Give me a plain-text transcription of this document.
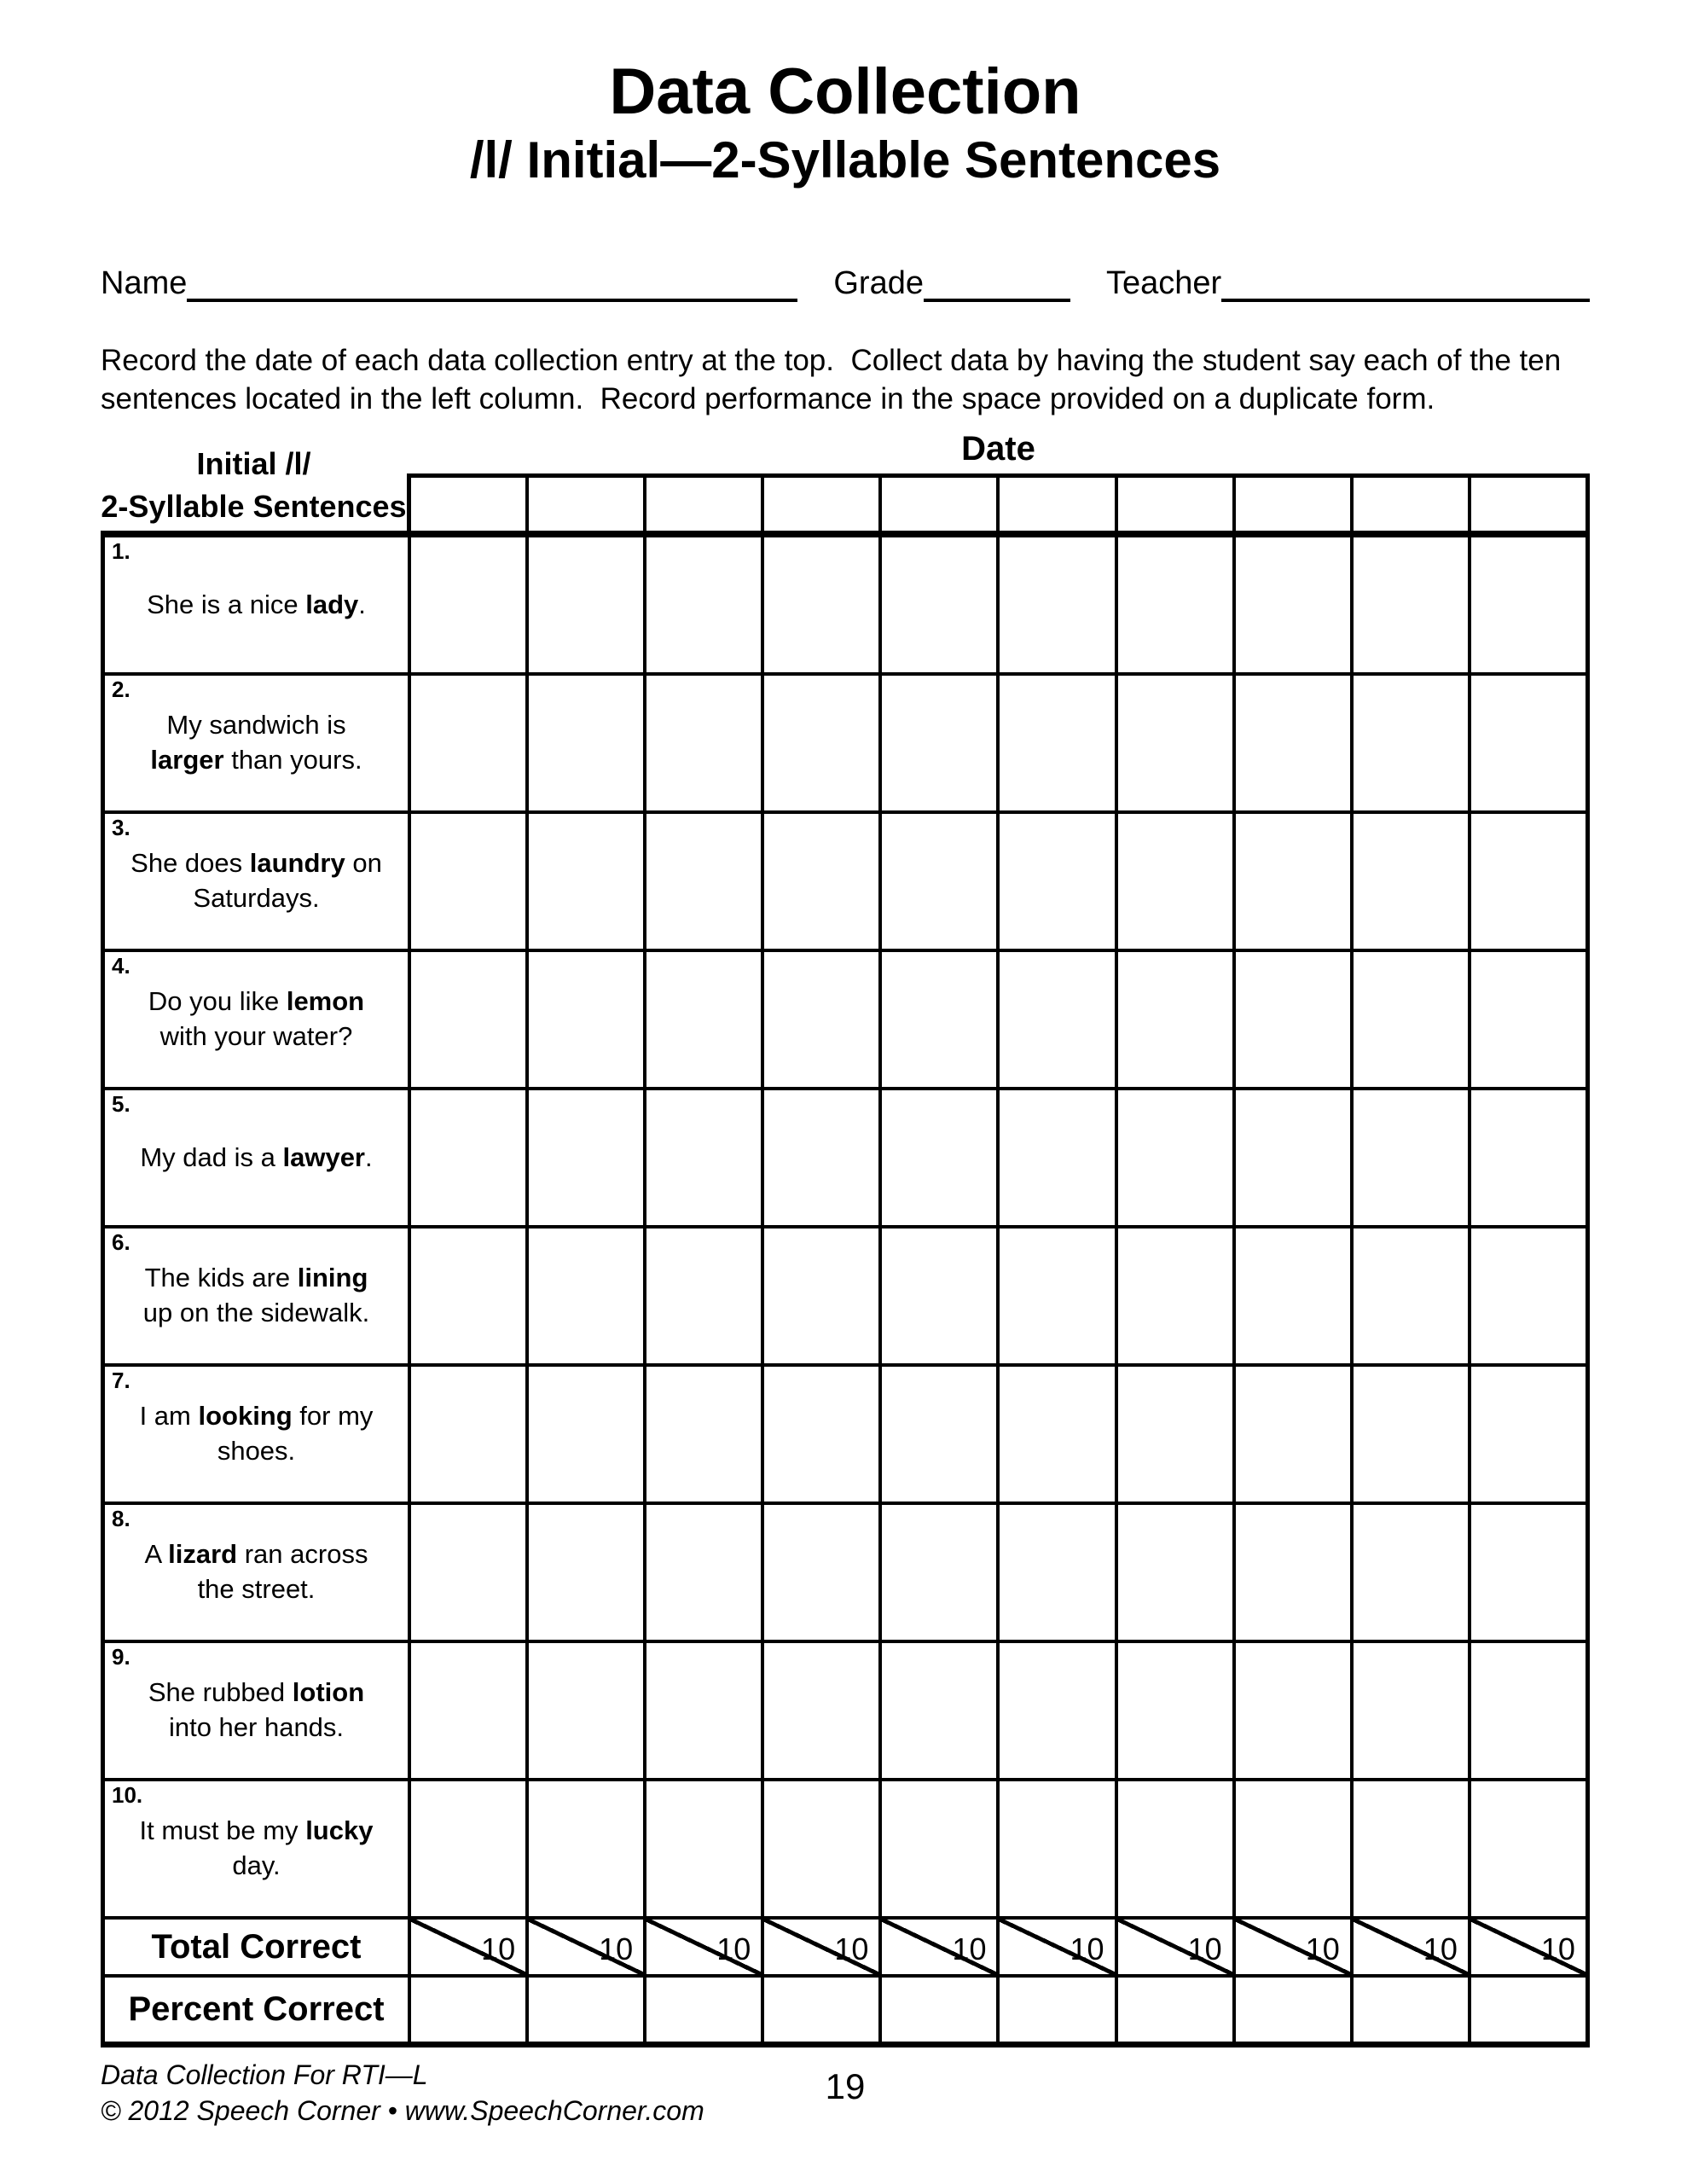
Data Collection
/l/ Initial—2-Syllable Sentences
Name	Grade	Teacher
Record the date of each data collection entry at the top.  Collect data by having the student say each of the ten sentences located in the left column.  Record performance in the space provided on a duplicate form.
Initial /l/
2-Syllable Sentences
Date
1.
She is a nice lady.
2.
My sandwich is larger than yours.
3.
She does laundry on Saturdays.
4.
Do you like lemon with your water?
5.
My dad is a lawyer.
6.
The kids are lining up on the sidewalk.
7.
I am looking for my shoes.
8.
A lizard ran across the street.
9.
She rubbed lotion into her hands.
10.
It must be my lucky day.
Total Correct	10	10	10	10	10	10	10	10	10	10
Percent Correct
Data Collection For RTI—L
© 2012 Speech Corner • www.SpeechCorner.com
19
